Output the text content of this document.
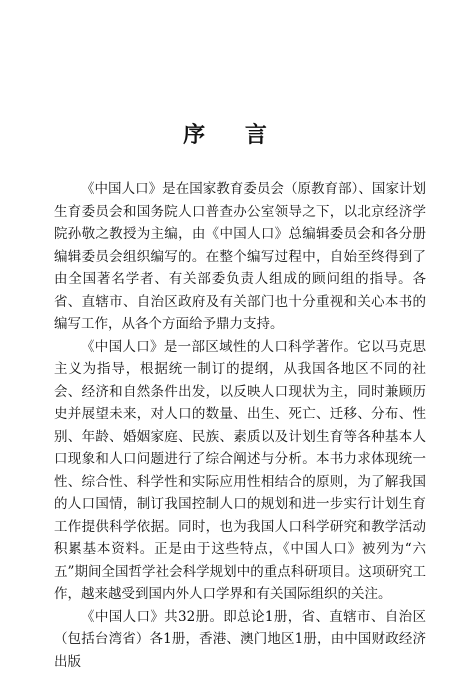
序 言

《中国人口》是在国家教育委员会（原教育部）、国家计划生育委员会和国务院人口普查办公室领导之下，以北京经济学院孙敬之教授为主编，由《中国人口》总编辑委员会和各分册编辑委员会组织编写的。在整个编写过程中，自始至终得到了由全国著名学者、有关部委负责人组成的顾问组的指导。各省、直辖市、自治区政府及有关部门也十分重视和关心本书的编写工作，从各个方面给予鼎力支持。

《中国人口》是一部区域性的人口科学著作。它以马克思主义为指导，根据统一制订的提纲，从我国各地区不同的社会、经济和自然条件出发，以反映人口现状为主，同时兼顾历史并展望未来，对人口的数量、出生、死亡、迁移、分布、性别、年龄、婚姻家庭、民族、素质以及计划生育等各种基本人口现象和人口问题进行了综合阐述与分析。本书力求体现统一性、综合性、科学性和实际应用性相结合的原则，为了解我国的人口国情，制订我国控制人口的规划和进一步实行计划生育工作提供科学依据。同时，也为我国人口科学研究和教学活动积累基本资料。正是由于这些特点，《中国人口》被列为“六五”期间全国哲学社会科学规划中的重点科研项目。这项研究工作，越来越受到国内外人口学界和有关国际组织的关注。

《中国人口》共32册。即总论1册，省、直辖市、自治区（包括台湾省）各1册，香港、澳门地区1册，由中国财政经济出版
